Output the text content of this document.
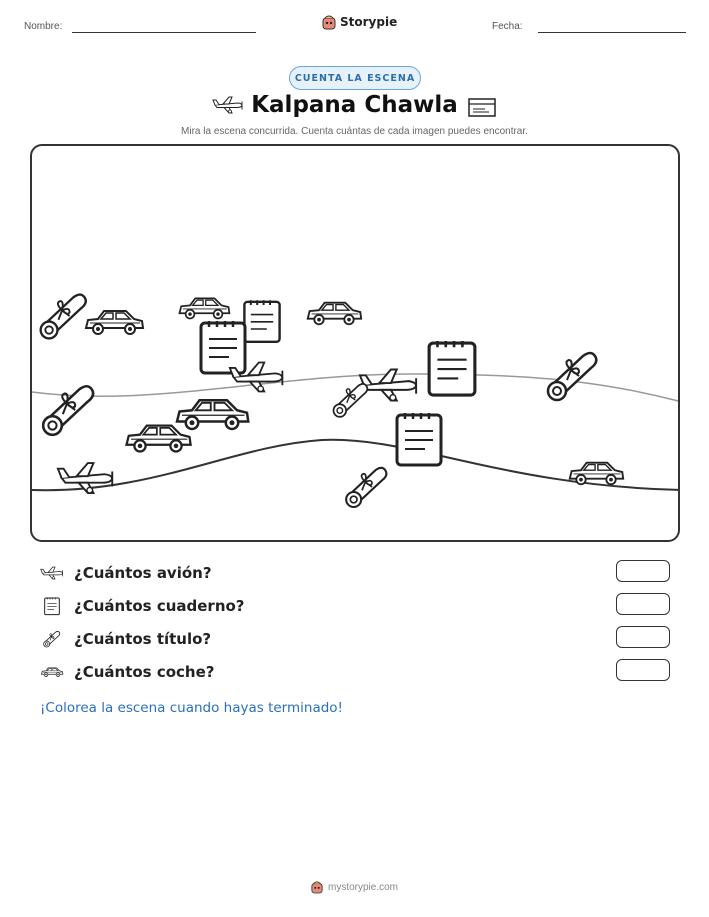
Nombre:	Storypie	Fecha:
CUENTA LA ESCENA
Kalpana Chawla
Mira la escena concurrida. Cuenta cuántas de cada imagen puedes encontrar.
¿Cuántos avión?
¿Cuántos cuaderno?
¿Cuántos título?
¿Cuántos coche?
¡Colorea la escena cuando hayas terminado!
mystorypie.com
